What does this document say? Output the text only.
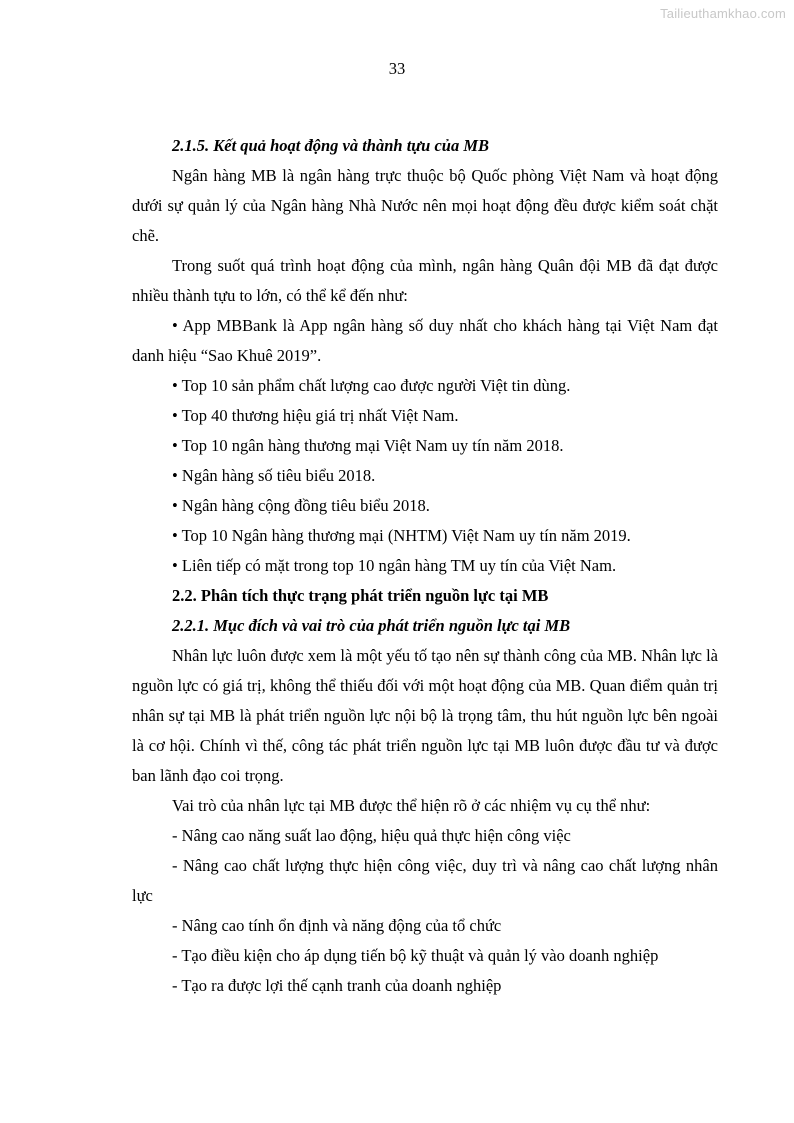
Tailieuthamkhao.com
33

2.1.5. Kết quả hoạt động và thành tựu của MB

Ngân hàng MB là ngân hàng trực thuộc bộ Quốc phòng Việt Nam và hoạt động dưới sự quản lý của Ngân hàng Nhà Nước nên mọi hoạt động đều được kiểm soát chặt chẽ.

Trong suốt quá trình hoạt động của mình, ngân hàng Quân đội MB đã đạt được nhiều thành tựu to lớn, có thể kể đến như:

• App MBBank là App ngân hàng số duy nhất cho khách hàng tại Việt Nam đạt danh hiệu “Sao Khuê 2019”.

• Top 10 sản phẩm chất lượng cao được người Việt tin dùng.

• Top 40 thương hiệu giá trị nhất Việt Nam.

• Top 10 ngân hàng thương mại Việt Nam uy tín năm 2018.

• Ngân hàng số tiêu biểu 2018.

• Ngân hàng cộng đồng tiêu biểu 2018.

• Top 10 Ngân hàng thương mại (NHTM) Việt Nam uy tín năm 2019.

• Liên tiếp có mặt trong top 10 ngân hàng TM uy tín của Việt Nam.

2.2. Phân tích thực trạng phát triển nguồn lực tại MB

2.2.1. Mục đích và vai trò của phát triển nguồn lực tại MB

Nhân lực luôn được xem là một yếu tố tạo nên sự thành công của MB. Nhân lực là nguồn lực có giá trị, không thể thiếu đối với một hoạt động của MB. Quan điểm quản trị nhân sự tại MB là phát triển nguồn lực nội bộ là trọng tâm, thu hút nguồn lực bên ngoài là cơ hội. Chính vì thế, công tác phát triển nguồn lực tại MB luôn được đầu tư và được ban lãnh đạo coi trọng.

Vai trò của nhân lực tại MB được thể hiện rõ ở các nhiệm vụ cụ thể như:

- Nâng cao năng suất lao động, hiệu quả thực hiện công việc

- Nâng cao chất lượng thực hiện công việc, duy trì và nâng cao chất lượng nhân lực

- Nâng cao tính ổn định và năng động của tổ chức

- Tạo điều kiện cho áp dụng tiến bộ kỹ thuật và quản lý vào doanh nghiệp

- Tạo ra được lợi thế cạnh tranh của doanh nghiệp
